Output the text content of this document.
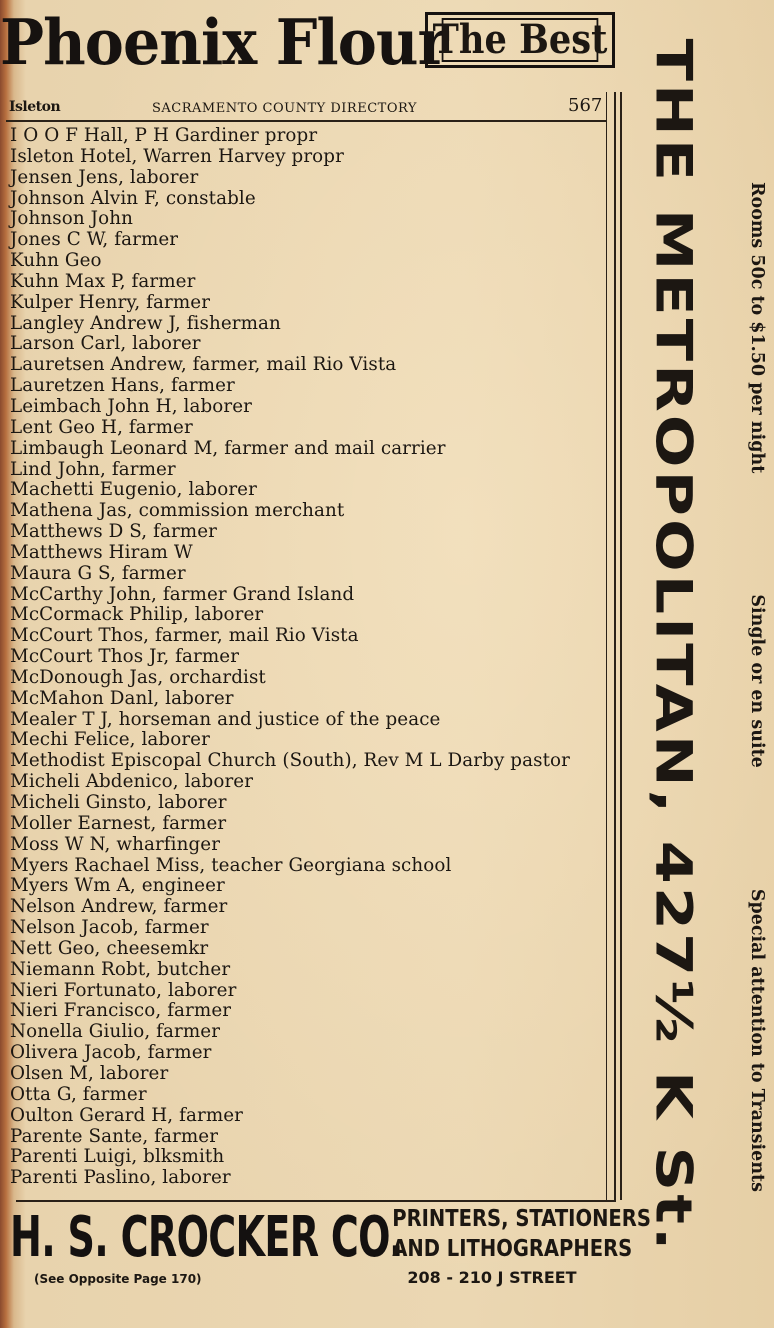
Phoenix Flour
The Best
Isleton	SACRAMENTO COUNTY DIRECTORY	567
I O O F Hall, P H Gardiner propr
Isleton Hotel, Warren Harvey propr
Jensen Jens, laborer
Johnson Alvin F, constable
Johnson John
Jones C W, farmer
Kuhn Geo
Kuhn Max P, farmer
Kulper Henry, farmer
Langley Andrew J, fisherman
Larson Carl, laborer
Lauretsen Andrew, farmer, mail Rio Vista
Lauretzen Hans, farmer
Leimbach John H, laborer
Lent Geo H, farmer
Limbaugh Leonard M, farmer and mail carrier
Lind John, farmer
Machetti Eugenio, laborer
Mathena Jas, commission merchant
Matthews D S, farmer
Matthews Hiram W
Maura G S, farmer
McCarthy John, farmer Grand Island
McCormack Philip, laborer
McCourt Thos, farmer, mail Rio Vista
McCourt Thos Jr, farmer
McDonough Jas, orchardist
McMahon Danl, laborer
Mealer T J, horseman and justice of the peace
Mechi Felice, laborer
Methodist Episcopal Church (South), Rev M L Darby pastor
Micheli Abdenico, laborer
Micheli Ginsto, laborer
Moller Earnest, farmer
Moss W N, wharfinger
Myers Rachael Miss, teacher Georgiana school
Myers Wm A, engineer
Nelson Andrew, farmer
Nelson Jacob, farmer
Nett Geo, cheesemkr
Niemann Robt, butcher
Nieri Fortunato, laborer
Nieri Francisco, farmer
Nonella Giulio, farmer
Olivera Jacob, farmer
Olsen M, laborer
Otta G, farmer
Oulton Gerard H, farmer
Parente Sante, farmer
Parenti Luigi, blksmith
Parenti Paslino, laborer
Rooms 50c to $1.50 per night
Single or en suite
Special attention to Transients
THE METROPOLITAN, 427½ K St.
H. S. CROCKER CO.
(See Opposite Page 170)
PRINTERS, STATIONERS
AND LITHOGRAPHERS
208 - 210 J STREET
